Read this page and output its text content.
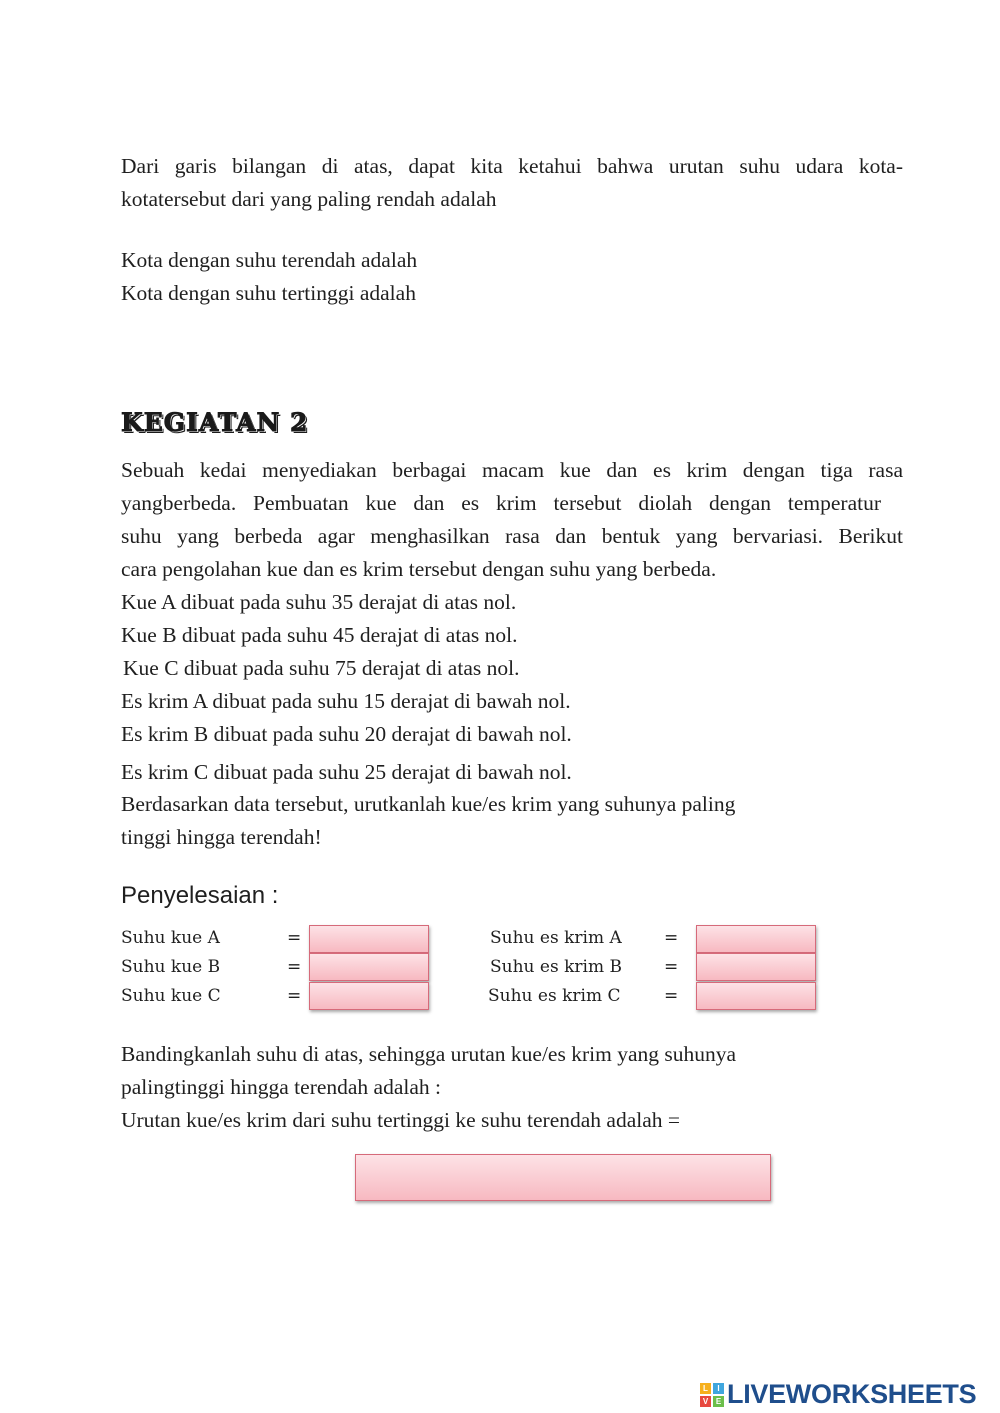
Dari garis bilangan di atas, dapat kita ketahui bahwa urutan suhu udara kota-
kotatersebut dari yang paling rendah adalah
Kota dengan suhu terendah adalah
Kota dengan suhu tertinggi adalah
KEGIATAN 2
Sebuah kedai menyediakan berbagai macam kue dan es krim dengan tiga rasa
yangberbeda. Pembuatan kue dan es krim tersebut diolah dengan temperatur
suhu yang berbeda agar menghasilkan rasa dan bentuk yang bervariasi. Berikut
cara pengolahan kue dan es krim tersebut dengan suhu yang berbeda.
Kue A dibuat pada suhu 35 derajat di atas nol.
Kue B dibuat pada suhu 45 derajat di atas nol.
Kue C dibuat pada suhu 75 derajat di atas nol.
Es krim A dibuat pada suhu 15 derajat di bawah nol.
Es krim B dibuat pada suhu 20 derajat di bawah nol.
Es krim C dibuat pada suhu 25 derajat di bawah nol.
Berdasarkan data tersebut, urutkanlah kue/es krim yang suhunya paling
tinggi hingga terendah!
Penyelesaian :
Suhu kue A	=
Suhu kue B	=
Suhu kue C	=
Suhu es krim A =
Suhu es krim B =
Suhu es krim C	=
Bandingkanlah suhu di atas, sehingga urutan kue/es krim yang suhunya
palingtinggi hingga terendah adalah :
Urutan kue/es krim dari suhu tertinggi ke suhu terendah adalah =
L	I
V E LIVEWORKSHEETS
